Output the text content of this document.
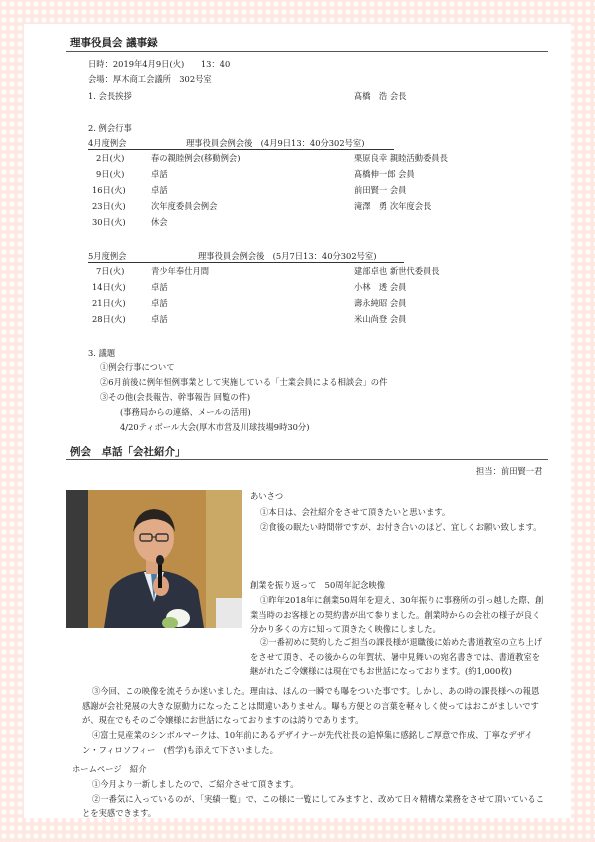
理事役員会 議事録
日時：2019年4月9日(火)　　13：40
会場：厚木商工会議所　302号室
1. 会長挨拶	髙橋　浩 会長
2. 例会行事
4月度例会	理事役員会例会後　(4月9日13：40分302号室)
2日(火)	春の親睦例会(移動例会)	栗原良幸 親睦活動委員長
9日(火)	卓話	髙橋伸一郎 会員
16日(火)	卓話	前田賢一 会員
23日(火)	次年度委員会例会	滝澤　勇 次年度会長
30日(火)	休会
5月度例会	理事役員会例会後　(5月7日13：40分302号室)
7日(火)	青少年奉仕月間	建部卓也 新世代委員長
14日(火)	卓話	小林　透 会員
21日(火)	卓話	壽永純昭 会員
28日(火)	卓話	米山尚登 会員
3. 議題
①例会行事について
②6月前後に例年恒例事業として実施している「士業会員による相談会」の件
③その他(会長報告、幹事報告 回覧の件)
(事務局からの連絡、メールの活用)
4/20ティボール大会(厚木市営及川球技場9時30分)
例会　卓話「会社紹介」
担当：前田賢一君
あいさつ

①本日は、会社紹介をさせて頂きたいと思います。

②食後の眠たい時間帯ですが、お付き合いのほど、宜しくお願い致します。

創業を振り返って　50周年記念映像
①昨年2018年に創業50周年を迎え、30年振りに事務所の引っ越した際、創業当時のお客様との契約書が出て参りました。創業時からの会社の様子が良く分かり多くの方に知って頂きたく映像にしました。

②一番初めに契約したご担当の課長様が退職後に始めた書道教室の立ち上げをさせて頂き、その後からの年賀状、暑中見舞いの宛名書きでは、書道教室を継がれたご令嬢様には現在でもお世話になっております。(約1,000枚)

③今回、この映像を流そうか迷いました。理由は、ほんの一瞬でも曝をついた事です。しかし、あの時の課長様への報恩感謝が会社発展の大きな原動力になったことは間違いありません。曝も方便との言葉を軽々しく使ってはおこがましいですが、現在でもそのご令嬢様にお世話になっておりますのは誇りであります。
④富士見産業のシンボルマークは、10年前にあるデザイナーが先代社長の追悼集に感銘しご厚意で作成、丁寧なデザイン・フィロソフィー　(哲学)も添えて下さいました。
ホームページ　紹介

①今月より一新しましたので、ご紹介させて頂きます。

②一番気に入っているのが、「実績一覧」で、この様に一覧にしてみますと、改めて日々精構な業務をさせて頂いていることを実感できます。
